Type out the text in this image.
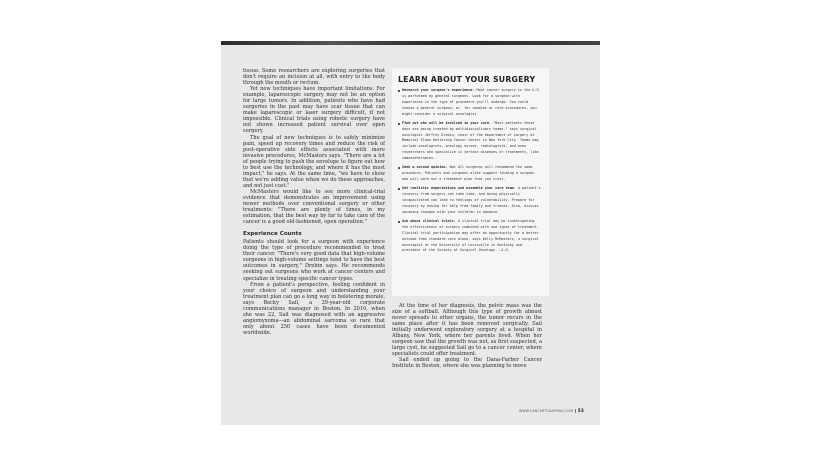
tissue. Some researchers are exploring surgeries that don't require an incision at all, with entry to the body through the mouth or rectum.

Yet new techniques have important limitations. For example, laparoscopic surgery may not be an option for large tumors. In addition, patients who have had surgeries in the past may have scar tissue that can make laparoscopic or laser surgery difficult, if not impossible. Clinical trials using robotic surgery have not shown increased patient survival over open surgery.

The goal of new techniques is to safely minimize pain, speed up recovery times and reduce the risk of post-operative side effects associated with more invasive procedures, McMasters says. "There are a lot of people trying to push the envelope to figure out how to best use the technology, and where it has the most impact," he says. At the same time, "we have to show that we're adding value when we do these approaches, and not just cost."

McMasters would like to see more clinical-trial evidence that demonstrates an improvement using newer methods over conventional surgery or other treatments: "There are plenty of times, in my estimation, that the best way by far to take care of the cancer is a good old-fashioned, open operation."

Experience Counts

Patients should look for a surgeon with experience doing the type of procedure recommended to treat their cancer. "There's very good data that high-volume surgeons in high-volume settings tend to have the best outcomes in surgery," Drebin says. He recommends seeking out surgeons who work at cancer centers and specialize in treating specific cancer types.

From a patient's perspective, feeling confident in your choice of surgeon and understanding your treatment plan can go a long way in bolstering morale, says Becky Sail, a 29-year-old corporate communications manager in Boston. In 2010, when she was 22, Sail was diagnosed with an aggressive angiomyxoma—an abdominal sarcoma so rare that only about 250 cases have been documented worldwide.

LEARN ABOUT YOUR SURGERY
Research your surgeon's experience. Most cancer surgery in the U.S. is performed by general surgeons. Look for a surgeon with experience in the type of procedure you'll undergo. You could choose a general surgeon, or, for complex or rare procedures, you might consider a surgical oncologist.
Find out who will be involved in your care. "Most patients these days are being treated by multidisciplinary teams," says surgical oncologist Jeffrey Drebin, chair of the department of surgery at Memorial Sloan Kettering Cancer Center in New York City. Teams may include oncologists, oncology nurses, radiologists, and even researchers who specialize in certain diseases or treatments, like immunotherapies.
Seek a second opinion. Not all surgeons will recommend the same procedure. Patients and surgeons alike suggest finding a surgeon who will work out a treatment plan that you trust.
Set realistic expectations and assemble your care team. A patient's recovery from surgery can take time, and being physically incapacitated can lead to feelings of vulnerability. Prepare for recovery by asking for help from family and friends. Also, discuss upcoming changes with your children in advance.
Ask about clinical trials. A clinical trial may be investigating the effectiveness of surgery combined with new types of treatment. Clinical trial participation may offer an opportunity for a better outcome than standard care alone, says Kelly McMasters, a surgical oncologist at the University of Louisville in Kentucky and president of the Society of Surgical Oncology. —S.O.

At the time of her diagnosis, the pelvic mass was the size of a softball. Although this type of growth almost never spreads to other organs, the tumor recurs in the same place after it has been removed surgically. Sail initially underwent exploratory surgery at a hospital in Albany, New York, where her parents lived. When her surgeon saw that the growth was not, as first suspected, a large cyst, he suggested Sail go to a cancer center, where specialists could offer treatment.

Sail ended up going to the Dana-Farber Cancer Institute in Boston, where she was planning to move

WWW.CANCERTODAYMAG.COM 53
